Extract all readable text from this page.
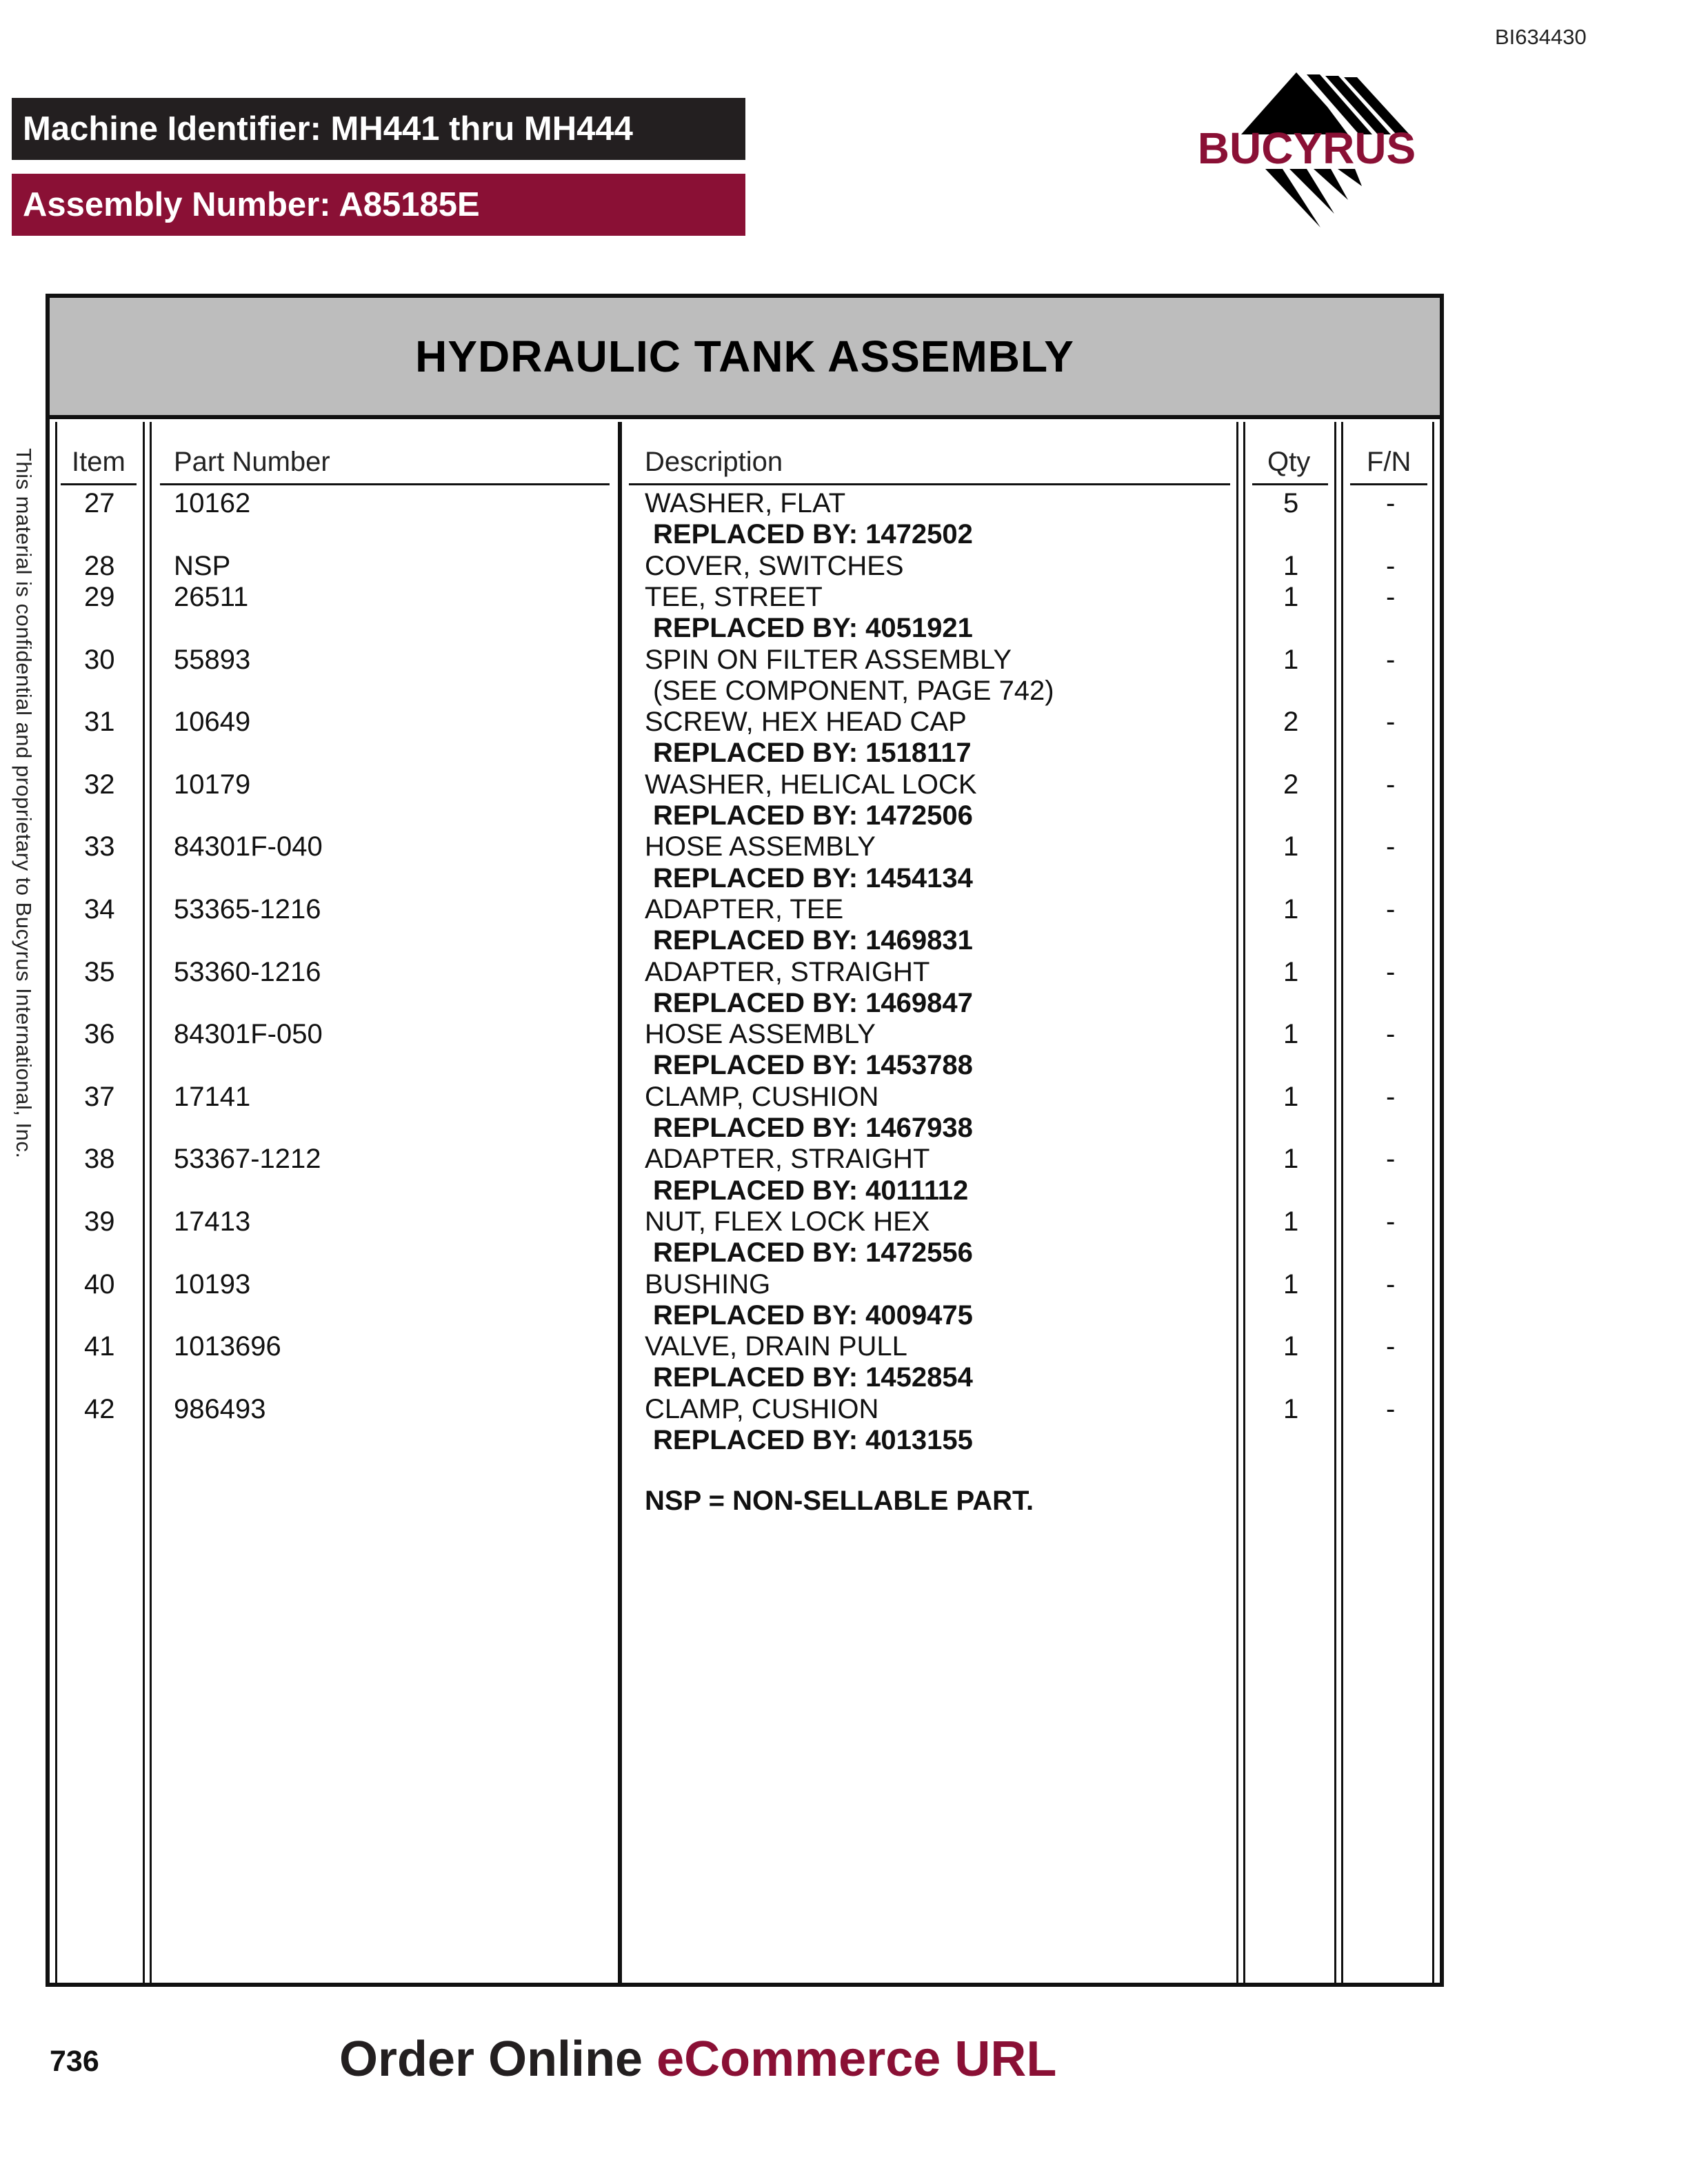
BI634430
Machine Identifier: MH441 thru MH444
Assembly Number: A85185E
BUCYRUS
This material is confidential and proprietary to Bucyrus International, Inc.
HYDRAULIC TANK ASSEMBLY
Item Part Number	Description	Qty F/N
27 10162	WASHER, FLAT	5	-
REPLACED BY: 1472502
28 NSP	COVER, SWITCHES	1	-
29 26511	TEE, STREET	1	-
REPLACED BY: 4051921
30 55893	SPIN ON FILTER ASSEMBLY	1	-
(SEE COMPONENT, PAGE 742)
31 10649	SCREW, HEX HEAD CAP	2	-
REPLACED BY: 1518117
32 10179	WASHER, HELICAL LOCK	2	-
REPLACED BY: 1472506
33 84301F-040	HOSE ASSEMBLY	1	-
REPLACED BY: 1454134
34 53365-1216	ADAPTER, TEE	1	-
REPLACED BY: 1469831
35 53360-1216	ADAPTER, STRAIGHT	1	-
REPLACED BY: 1469847
36 84301F-050	HOSE ASSEMBLY	1	-
REPLACED BY: 1453788
37 17141	CLAMP, CUSHION	1	-
REPLACED BY: 1467938
38 53367-1212	ADAPTER, STRAIGHT	1	-
REPLACED BY: 4011112
39 17413	NUT, FLEX LOCK HEX	1	-
REPLACED BY: 1472556
40 10193	BUSHING	1	-
REPLACED BY: 4009475
41 1013696	VALVE, DRAIN PULL	1	-
REPLACED BY: 1452854
42 986493	CLAMP, CUSHION	1	-
REPLACED BY: 4013155
NSP = NON-SELLABLE PART.
736	Order Online eCommerce URL
